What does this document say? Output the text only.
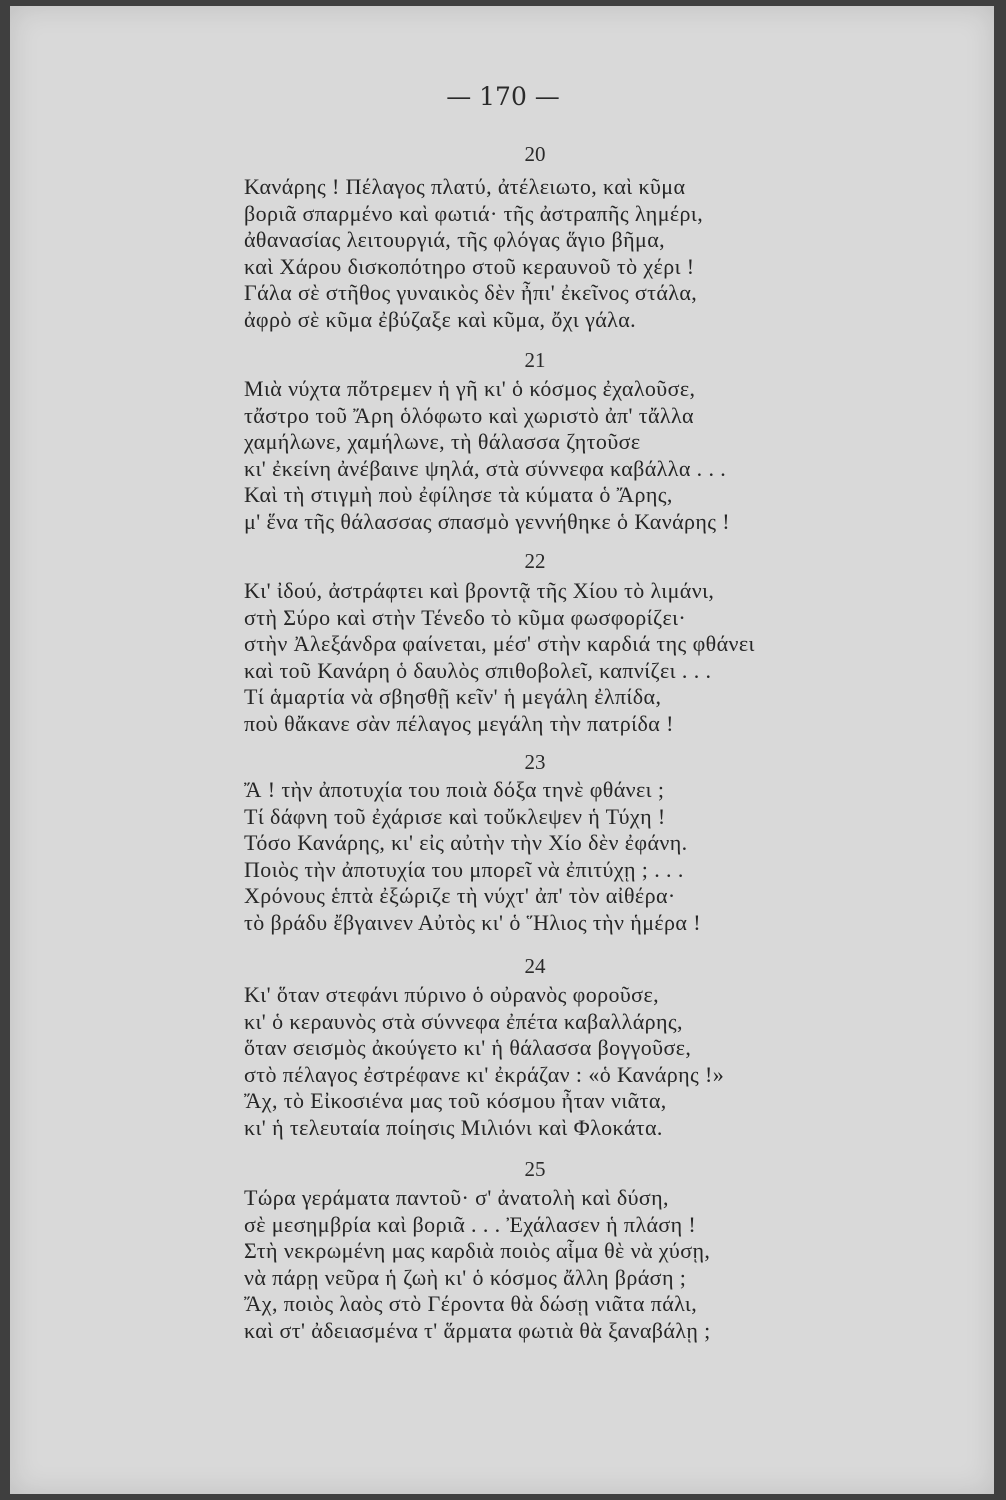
— 170 —
20
Κανάρης ! Πέλαγος πλατύ, ἀτέλειωτο, καὶ κῦμα
βοριᾶ σπαρμένο καὶ φωτιά· τῆς ἀστραπῆς λημέρι,
ἀθανασίας λειτουργιά, τῆς φλόγας ἅγιο βῆμα,
καὶ Χάρου δισκοπότηρο στοῦ κεραυνοῦ τὸ χέρι !
Γάλα σὲ στῆθος γυναικὸς δὲν ἦπι' ἐκεῖνος στάλα,
ἀφρὸ σὲ κῦμα ἐβύζαξε καὶ κῦμα, ὄχι γάλα.
21
Μιὰ νύχτα πὄτρεμεν ἡ γῆ κι' ὁ κόσμος ἐχαλοῦσε,
τἄστρο τοῦ Ἄρη ὁλόφωτο καὶ χωριστὸ ἀπ' τἄλλα
χαμήλωνε, χαμήλωνε, τὴ θάλασσα ζητοῦσε
κι' ἐκείνη ἀνέβαινε ψηλά, στὰ σύννεφα καβάλλα . . .
Καὶ τὴ στιγμὴ ποὺ ἐφίλησε τὰ κύματα ὁ Ἄρης,
μ' ἕνα τῆς θάλασσας σπασμὸ γεννήθηκε ὁ Κανάρης !
22
Κι' ἰδού, ἀστράφτει καὶ βροντᾷ τῆς Χίου τὸ λιμάνι,
στὴ Σύρο καὶ στὴν Τένεδο τὸ κῦμα φωσφορίζει·
στὴν Ἀλεξάνδρα φαίνεται, μέσ' στὴν καρδιά της φθάνει
καὶ τοῦ Κανάρη ὁ δαυλὸς σπιθοβολεῖ, καπνίζει . . .
Τί ἁμαρτία νὰ σβησθῇ κεῖν' ἡ μεγάλη ἐλπίδα,
ποὺ θἄκανε σὰν πέλαγος μεγάλη τὴν πατρίδα !
23
Ἄ ! τὴν ἀποτυχία του ποιὰ δόξα τηνὲ φθάνει ;
Τί δάφνη τοῦ ἐχάρισε καὶ τοὔκλεψεν ἡ Τύχη !
Τόσο Κανάρης, κι' εἰς αὐτὴν τὴν Χίο δὲν ἐφάνη.
Ποιὸς τὴν ἀποτυχία του μπορεῖ νὰ ἐπιτύχῃ ; . . .
Χρόνους ἑπτὰ ἐξώριζε τὴ νύχτ' ἀπ' τὸν αἰθέρα·
τὸ βράδυ ἔβγαινεν Αὐτὸς κι' ὁ Ἥλιος τὴν ἡμέρα !
24
Κι' ὅταν στεφάνι πύρινο ὁ οὐρανὸς φοροῦσε,
κι' ὁ κεραυνὸς στὰ σύννεφα ἐπέτα καβαλλάρης,
ὅταν σεισμὸς ἀκούγετο κι' ἡ θάλασσα βογγοῦσε,
στὸ πέλαγος ἐστρέφανε κι' ἐκράζαν : «ὁ Κανάρης !»
Ἄχ, τὸ Εἰκοσιένα μας τοῦ κόσμου ἦταν νιᾶτα,
κι' ἡ τελευταία ποίησις Μιλιόνι καὶ Φλοκάτα.
25
Τώρα γεράματα παντοῦ· σ' ἀνατολὴ καὶ δύση,
σὲ μεσημβρία καὶ βοριᾶ . . . Ἐχάλασεν ἡ πλάση !
Στὴ νεκρωμένη μας καρδιὰ ποιὸς αἷμα θὲ νὰ χύσῃ,
νὰ πάρῃ νεῦρα ἡ ζωὴ κι' ὁ κόσμος ἄλλη βράση ;
Ἄχ, ποιὸς λαὸς στὸ Γέροντα θὰ δώσῃ νιᾶτα πάλι,
καὶ στ' ἀδειασμένα τ' ἅρματα φωτιὰ θὰ ξαναβάλῃ ;
